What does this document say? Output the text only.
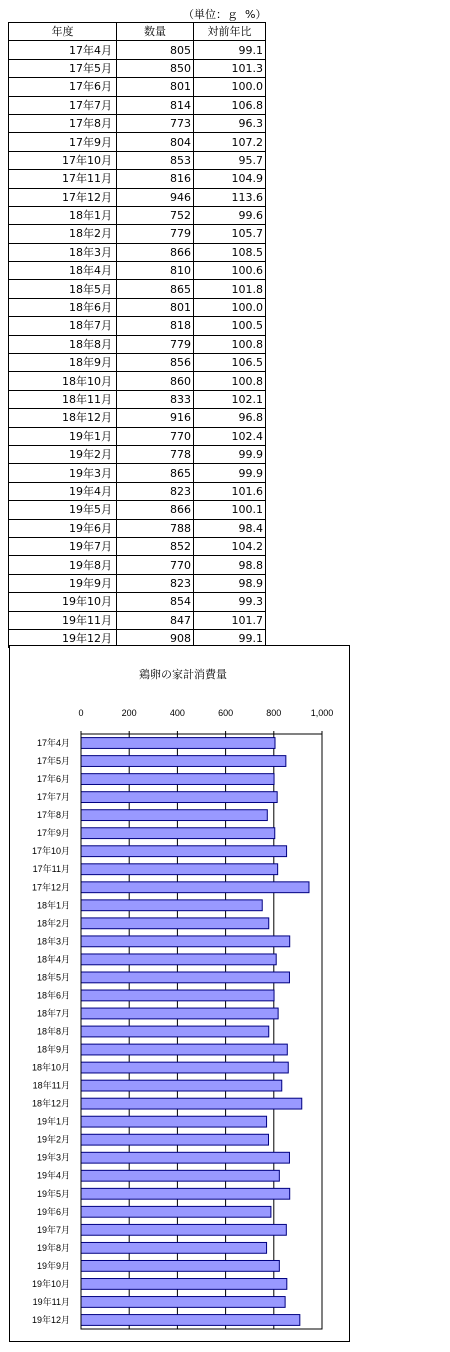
（単位：ｇ  %）
年度	数量	対前年比
17年4月	805	99.1
17年5月	850	101.3
17年6月	801	100.0
17年7月	814	106.8
17年8月	773	96.3
17年9月	804	107.2
17年10月	853	95.7
17年11月	816	104.9
17年12月	946	113.6
18年1月	752	99.6
18年2月	779	105.7
18年3月	866	108.5
18年4月	810	100.6
18年5月	865	101.8
18年6月	801	100.0
18年7月	818	100.5
18年8月	779	100.8
18年9月	856	106.5
18年10月	860	100.8
18年11月	833	102.1
18年12月	916	96.8
19年1月	770	102.4
19年2月	778	99.9
19年3月	865	99.9
19年4月	823	101.6
19年5月	866	100.1
19年6月	788	98.4
19年7月	852	104.2
19年8月	770	98.8
19年9月	823	98.9
19年10月	854	99.3
19年11月	847	101.7
19年12月	908	99.1
鶏卵の家計消費量
0	200	400	600	800	1,000
17年4月
17年5月
17年6月
17年7月
17年8月
17年9月
17年10月
17年11月
17年12月
18年1月
18年2月
18年3月
18年4月
18年5月
18年6月
18年7月
18年8月
18年9月
18年10月
18年11月
18年12月
19年1月
19年2月
19年3月
19年4月
19年5月
19年6月
19年7月
19年8月
19年9月
19年10月
19年11月
19年12月
